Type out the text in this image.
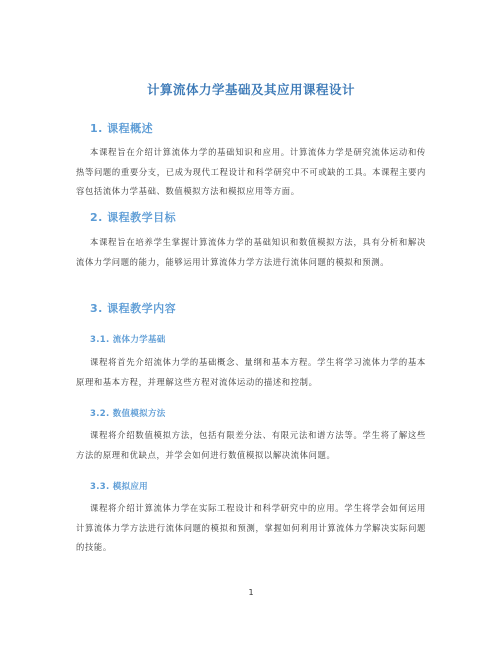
计算流体力学基础及其应用课程设计
1. 课程概述

本课程旨在介绍计算流体力学的基础知识和应用。计算流体力学是研究流体运动和传热等问题的重要分支，已成为现代工程设计和科学研究中不可或缺的工具。本课程主要内容包括流体力学基础、数值模拟方法和模拟应用等方面。

2. 课程教学目标

本课程旨在培养学生掌握计算流体力学的基础知识和数值模拟方法，具有分析和解决流体力学问题的能力，能够运用计算流体力学方法进行流体问题的模拟和预测。

3. 课程教学内容
3.1. 流体力学基础

课程将首先介绍流体力学的基础概念、量纲和基本方程。学生将学习流体力学的基本原理和基本方程，并理解这些方程对流体运动的描述和控制。

3.2. 数值模拟方法

课程将介绍数值模拟方法，包括有限差分法、有限元法和谱方法等。学生将了解这些方法的原理和优缺点，并学会如何进行数值模拟以解决流体问题。

3.3. 模拟应用

课程将介绍计算流体力学在实际工程设计和科学研究中的应用。学生将学会如何运用计算流体力学方法进行流体问题的模拟和预测，掌握如何利用计算流体力学解决实际问题的技能。

1
